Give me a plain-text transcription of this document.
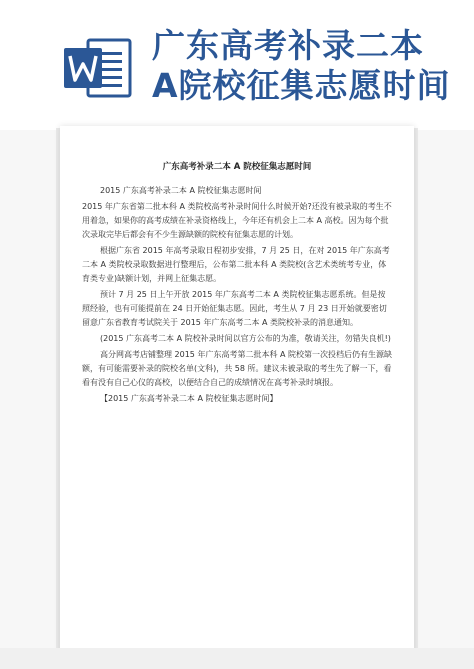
广东高考补录二本
A院校征集志愿时间
广东高考补录二本 A 院校征集志愿时间

2015 广东高考补录二本 A 院校征集志愿时间

2015 年广东省第二批本科 A 类院校高考补录时间什么时候开始?还没有被录取的考生不用着急，如果你的高考成绩在补录资格线上，今年还有机会上二本 A 高校。因为每个批次录取完毕后都会有不少生源缺额的院校有征集志愿的计划。

根据广东省 2015 年高考录取日程初步安排，7 月 25 日，在对 2015 年广东高考二本 A 类院校录取数据进行整理后，公布第二批本科 A 类院校(含艺术类统考专业，体育类专业)缺额计划，并网上征集志愿。

预计 7 月 25 日上午开放 2015 年广东高考二本 A 类院校征集志愿系统。但是按照经验，也有可能提前在 24 日开始征集志愿。因此，考生从 7 月 23 日开始就要密切留意广东省教育考试院关于 2015 年广东高考二本 A 类院校补录的消息通知。

(2015 广东高考二本 A 院校补录时间以官方公布的为准，敬请关注，勿错失良机!)

高分网高考店铺整理 2015 年广东高考第二批本科 A 院校第一次投档后仍有生源缺额，有可能需要补录的院校名单(文科)，共 58 所。建议未被录取的考生先了解一下，看看有没有自己心仪的高校，以便结合自己的成绩情况在高考补录时填报。

【2015 广东高考补录二本 A 院校征集志愿时间】
